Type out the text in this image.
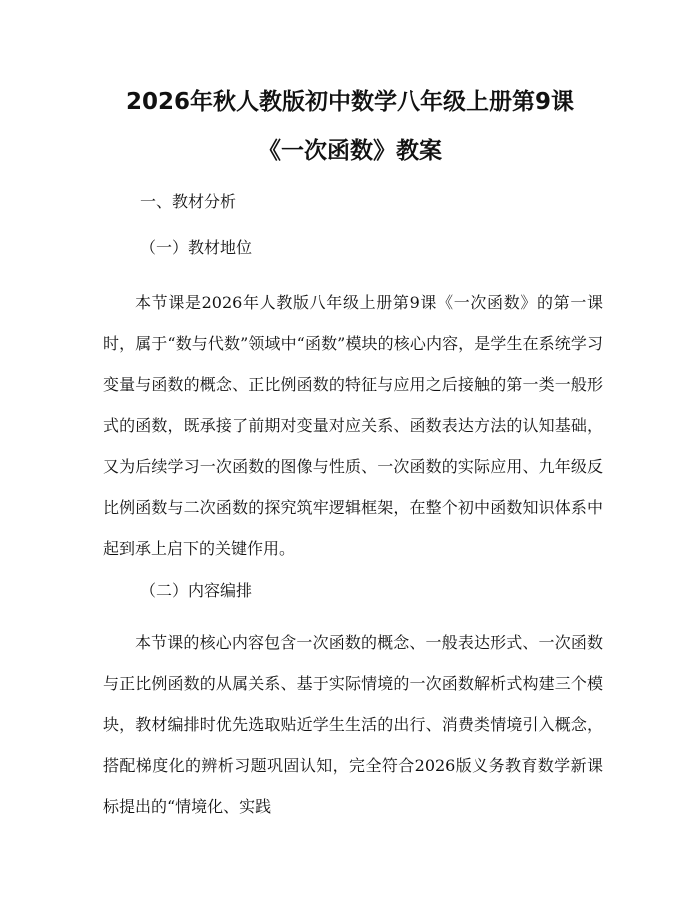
2026年秋人教版初中数学八年级上册第9课
《一次函数》教案
一、教材分析
（一）教材地位
本节课是2026年人教版八年级上册第9课《一次函数》的第一课时，属于“数与代数”领域中“函数”模块的核心内容，是学生在系统学习变量与函数的概念、正比例函数的特征与应用之后接触的第一类一般形式的函数，既承接了前期对变量对应关系、函数表达方法的认知基础，又为后续学习一次函数的图像与性质、一次函数的实际应用、九年级反比例函数与二次函数的探究筑牢逻辑框架，在整个初中函数知识体系中起到承上启下的关键作用。
（二）内容编排
本节课的核心内容包含一次函数的概念、一般表达形式、一次函数与正比例函数的从属关系、基于实际情境的一次函数解析式构建三个模块，教材编排时优先选取贴近学生生活的出行、消费类情境引入概念，搭配梯度化的辨析习题巩固认知，完全符合2026版义务教育数学新课标提出的“情境化、实践
